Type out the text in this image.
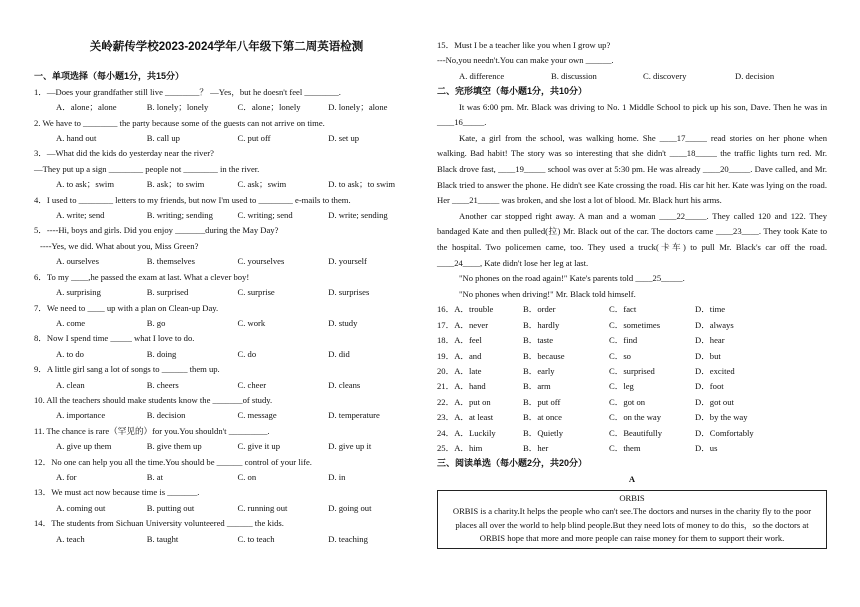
关岭薪传学校2023-2024学年八年级下第二周英语检测
一、单项选择（每小题1分，共15分）
1．—Does your grandfather still live ________？ —Yes，but he doesn't feel ________.
A．alone；alone	B. lonely；lonely	C．alone；lonely	D. lonely；alone
2. We have to ________ the party because some of the guests can not arrive on time.
A. hand out	B. call up	C. put off	D. set up
3．—What did the kids do yesterday near the river?
—They put up a sign ________ people not ________ in the river.
A. to ask；swim	B. ask；to swim	C. ask；swim	D. to ask；to swim
4．I used to ________ letters to my friends, but now I'm used to ________ e-mails to them.
A. write; send	B. writing; sending	C. writing; send	D. write; sending
5．----Hi, boys and girls. Did you enjoy _______during the May Day?
----Yes, we did. What about you, Miss Green?
A. ourselves	B. themselves	C. yourselves	D. yourself
6．To my ____,he passed the exam at last. What a clever boy!
A. surprising	B. surprised	C. surprise	D. surprises
7．We need to ____ up with a plan on Clean-up Day.
A. come	B. go	C. work	D. study
8．Now I spend time _____ what I love to do.
A. to do	B. doing	C. do	D. did
9．A little girl sang a lot of songs to ______ them up.
A. clean	B. cheers	C. cheer	D. cleans
10. All the teachers should make students know the _______of study.
A. importance	B. decision	C. message	D. temperature
11. The chance is rare（罕见的）for you.You shouldn't _________.
A. give up them	B. give them up	C. give it up	D. give up it
12．No one can help you all the time.You should be ______ control of your life.
A. for	B. at	C. on	D. in
13．We must act now because time is _______.
A. coming out	B. putting out	C. running out	D. going out
14．The students from Sichuan University volunteered ______ the kids.
A. teach	B. taught	C. to teach	D. teaching
15．Must I be a teacher like you when I grow up?
---No,you needn't.You can make your own ______.
A. difference	B. discussion	C. discovery	D. decision
二、完形填空（每小题1分，共10分）
It was 6:00 pm. Mr. Black was driving to No. 1 Middle School to pick up his son, Dave. Then he was in ____16_____.
Kate, a girl from the school, was walking home. She ____17_____ read stories on her phone when walking. Bad habit! The story was so interesting that she didn't ____18_____ the traffic lights turn red. Mr. Black drove fast, ____19_____ school was over at 5:30 pm. He was already ____20_____. Dave called, and Mr. Black tried to answer the phone. He didn't see Kate crossing the road. His car hit her. Kate was lying on the road. Her ____21_____ was broken, and she lost a lot of blood. Mr. Black hurt his arms.
Another car stopped right away. A man and a woman ____22_____. They called 120 and 122. They bandaged Kate and then pulled(拉) Mr. Black out of the car. The doctors came ____23____. They took Kate to the hospital. Two policemen came, too. They used a truck(卡车) to pull Mr. Black's car off the road. ____24____, Kate didn't lose her leg at last.
"No phones on the road again!" Kate's parents told ____25_____.
"No phones when driving!" Mr. Black told himself.
16．A．trouble	B．order	C．fact	D．time
17．A．never	B．hardly	C．sometimes	D．always
18．A．feel	B．taste	C．find	D．hear
19．A．and	B．because	C．so	D．but
20．A．late	B．early	C．surprised	D．excited
21．A．hand	B．arm	C．leg	D．foot
22．A．put on	B．put off	C．got on	D．got out
23．A．at least	B．at once	C．on the way	D．by the way
24．A．Luckily	B．Quietly	C．Beautifully	D．Comfortably
25．A．him	B．her	C．them	D．us
三、阅读单选（每小题2分，共20分）
A
ORBIS
ORBIS is a charity.It helps the people who can't see.The doctors and nurses in the charity fly to the poor places all over the world to help blind people.But they need lots of money to do this，so the doctors at ORBIS hope that more and more people can raise money for them to support their work.
